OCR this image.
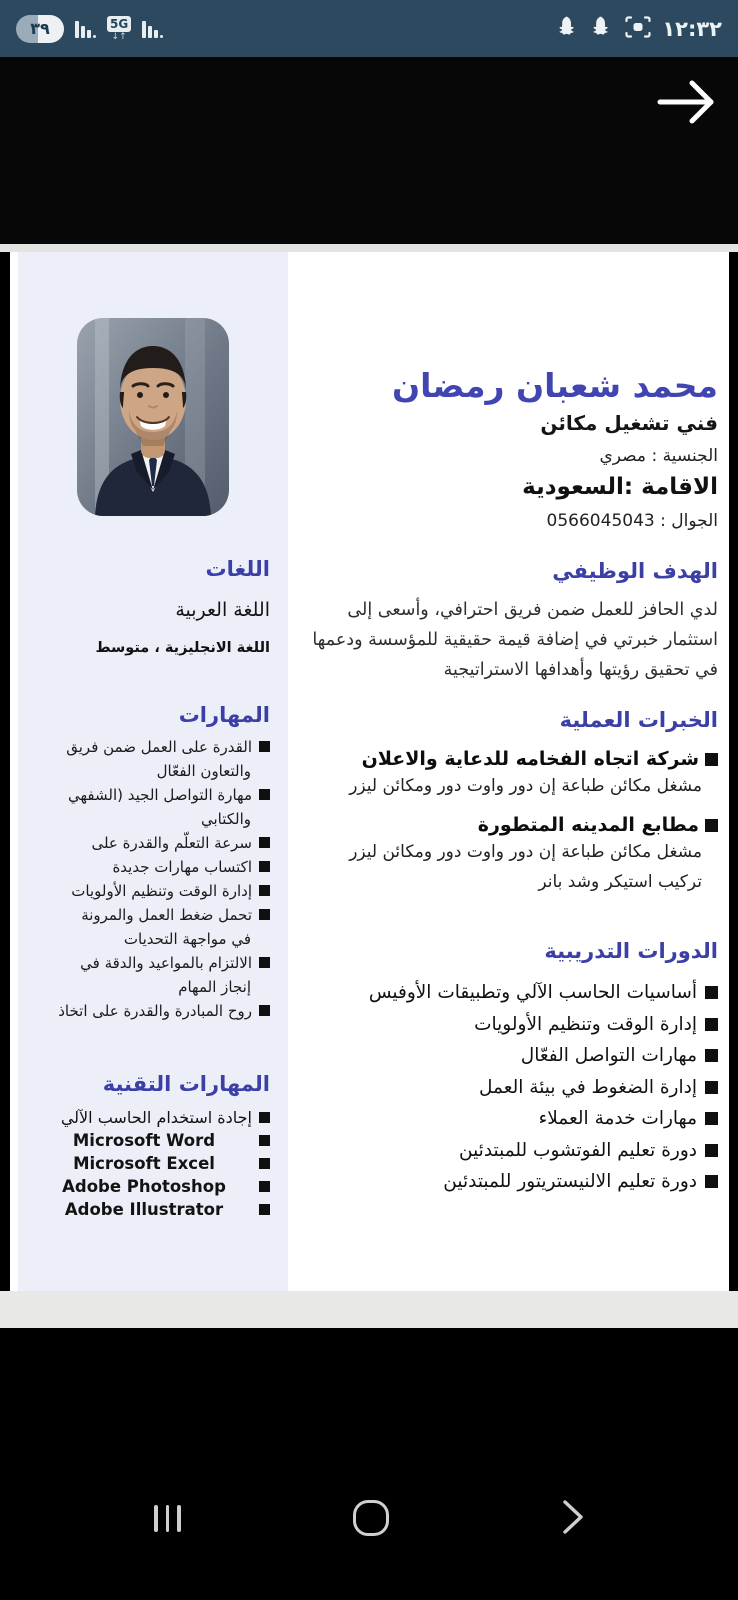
٣٩	5G
↓↑	١٢:٣٢
اللغات
اللغة العربية
اللغة الانجليزية ، متوسط
المهارات
القدرة على العمل ضمن فريق
والتعاون الفعّال
مهارة التواصل الجيد (الشفهي
والكتابي
سرعة التعلّم والقدرة على
اكتساب مهارات جديدة
إدارة الوقت وتنظيم الأولويات
تحمل ضغط العمل والمرونة
في مواجهة التحديات
الالتزام بالمواعيد والدقة في
إنجاز المهام
روح المبادرة والقدرة على اتخاذ
المهارات التقنية
إجادة استخدام الحاسب الآلي
Microsoft Word
Microsoft Excel
Adobe Photoshop
Adobe Illustrator
محمد شعبان رمضان
فني تشغيل مكائن
الجنسية : مصري
الاقامة :السعودية
الجوال : 0566045043
الهدف الوظيفي

لدي الحافز للعمل ضمن فريق احترافي، وأسعى إلى استثمار خبرتي في إضافة قيمة حقيقية للمؤسسة ودعمها في تحقيق رؤيتها وأهدافها الاستراتيجية

الخبرات العملية
شركة اتجاه الفخامه للدعاية والاعلان
مشغل مكائن طباعة إن دور واوت دور ومكائن ليزر
مطابع المدينه المتطورة
مشغل مكائن طباعة إن دور واوت دور ومكائن ليزر
تركيب استيكر وشد بانر
الدورات التدريبية
أساسيات الحاسب الآلي وتطبيقات الأوفيس
إدارة الوقت وتنظيم الأولويات
مهارات التواصل الفعّال
إدارة الضغوط في بيئة العمل
مهارات خدمة العملاء
دورة تعليم الفوتشوب للمبتدئين
دورة تعليم الالنيستريتور للمبتدئين
